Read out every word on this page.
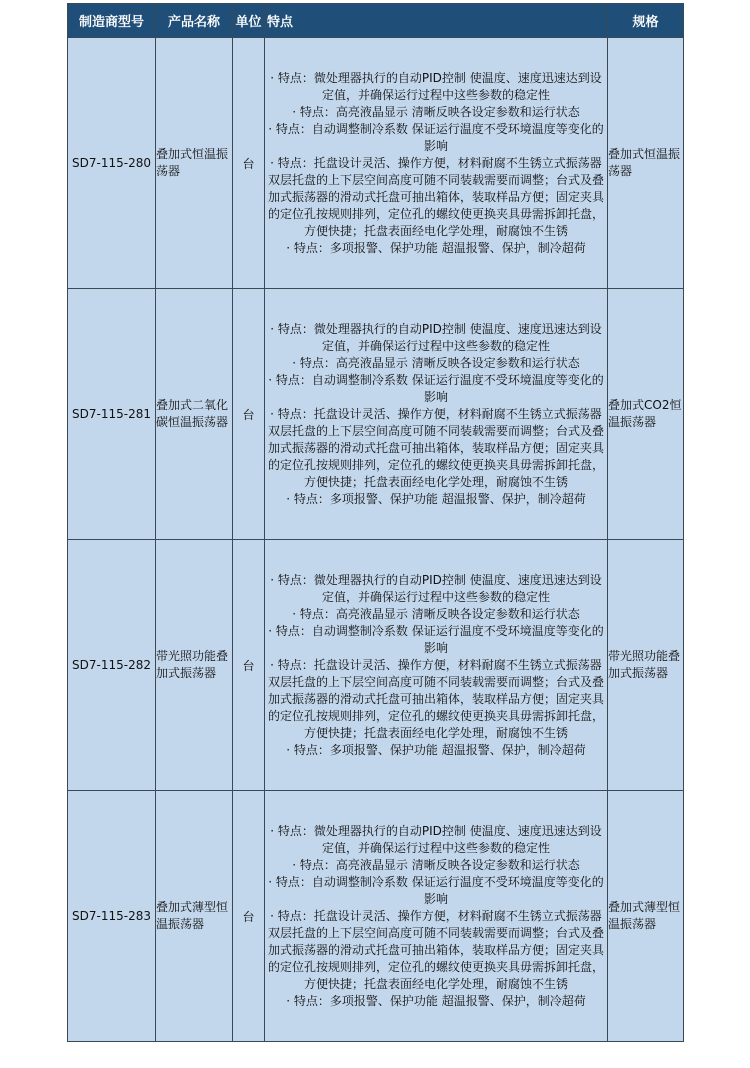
制造商型号	产品名称	单位	特点	规格
SD7-115-280	叠加式恒温振荡器	台	· 特点：微处理器执行的自动PID控制 使温度、速度迅速达到设定值，并确保运行过程中这些参数的稳定性
· 特点：高亮液晶显示 清晰反映各设定参数和运行状态
· 特点：自动调整制冷系数 保证运行温度不受环境温度等变化的影响
· 特点：托盘设计灵活、操作方便，材料耐腐不生锈立式振荡器双层托盘的上下层空间高度可随不同装载需要而调整；台式及叠加式振荡器的滑动式托盘可抽出箱体，装取样品方便；固定夹具的定位孔按规则排列，定位孔的螺纹使更换夹具毋需拆卸托盘，方便快捷；托盘表面经电化学处理，耐腐蚀不生锈
· 特点：多项报警、保护功能 超温报警、保护，制冷超荷	叠加式恒温振荡器
SD7-115-281	叠加式二氧化碳恒温振荡器	台	· 特点：微处理器执行的自动PID控制 使温度、速度迅速达到设定值，并确保运行过程中这些参数的稳定性
· 特点：高亮液晶显示 清晰反映各设定参数和运行状态
· 特点：自动调整制冷系数 保证运行温度不受环境温度等变化的影响
· 特点：托盘设计灵活、操作方便，材料耐腐不生锈立式振荡器双层托盘的上下层空间高度可随不同装载需要而调整；台式及叠加式振荡器的滑动式托盘可抽出箱体，装取样品方便；固定夹具的定位孔按规则排列，定位孔的螺纹使更换夹具毋需拆卸托盘，方便快捷；托盘表面经电化学处理，耐腐蚀不生锈
· 特点：多项报警、保护功能 超温报警、保护，制冷超荷	叠加式CO2恒温振荡器
SD7-115-282	带光照功能叠加式振荡器	台	· 特点：微处理器执行的自动PID控制 使温度、速度迅速达到设定值，并确保运行过程中这些参数的稳定性
· 特点：高亮液晶显示 清晰反映各设定参数和运行状态
· 特点：自动调整制冷系数 保证运行温度不受环境温度等变化的影响
· 特点：托盘设计灵活、操作方便，材料耐腐不生锈立式振荡器双层托盘的上下层空间高度可随不同装载需要而调整；台式及叠加式振荡器的滑动式托盘可抽出箱体，装取样品方便；固定夹具的定位孔按规则排列，定位孔的螺纹使更换夹具毋需拆卸托盘，方便快捷；托盘表面经电化学处理，耐腐蚀不生锈
· 特点：多项报警、保护功能 超温报警、保护，制冷超荷	带光照功能叠加式振荡器
SD7-115-283	叠加式薄型恒温振荡器	台	· 特点：微处理器执行的自动PID控制 使温度、速度迅速达到设定值，并确保运行过程中这些参数的稳定性
· 特点：高亮液晶显示 清晰反映各设定参数和运行状态
· 特点：自动调整制冷系数 保证运行温度不受环境温度等变化的影响
· 特点：托盘设计灵活、操作方便，材料耐腐不生锈立式振荡器双层托盘的上下层空间高度可随不同装载需要而调整；台式及叠加式振荡器的滑动式托盘可抽出箱体，装取样品方便；固定夹具的定位孔按规则排列，定位孔的螺纹使更换夹具毋需拆卸托盘，方便快捷；托盘表面经电化学处理，耐腐蚀不生锈
· 特点：多项报警、保护功能 超温报警、保护，制冷超荷	叠加式薄型恒温振荡器
